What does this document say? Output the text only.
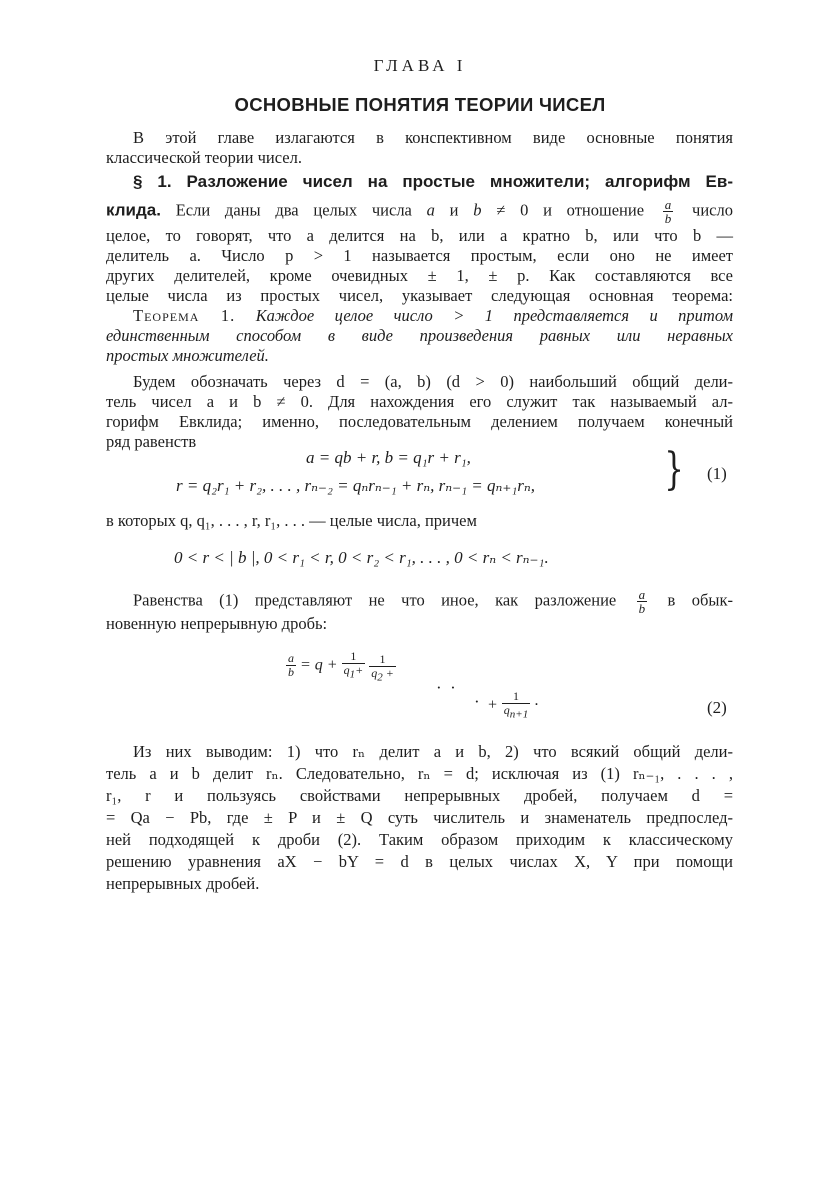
ГЛАВА I
ОСНОВНЫЕ ПОНЯТИЯ ТЕОРИИ ЧИСЕЛ
В этой главе излагаются в конспективном виде основные понятия
классической теории чисел.
§ 1. Разложение чисел на простые множители; алгорифм Ев-
клида. Если даны два целых числа a и b ≠ 0 и отношение $\frac{a}{b}$ число
целое, то говорят, что a делится на b, или a кратно b, или что b —
делитель a. Число p > 1 называется простым, если оно не имеет
других делителей, кроме очевидных ± 1, ± p. Как составляются все
целые числа из простых чисел, указывает следующая основная теорема:
Теорема 1. Каждое целое число > 1 представляется и притом
единственным способом в виде произведения равных или неравных
простых множителей.
Будем обозначать через d = (a, b) (d > 0) наибольший общий дели-
тель чисел a и b ≠ 0. Для нахождения его служит так называемый ал-
горифм Евклида; именно, последовательным делением получаем конечный
ряд равенств
a = qb + r, b = q₁r + r₁,
r = q₂r₁ + r₂, . . . , rₙ₋₂ = qₙrₙ₋₁ + rₙ, rₙ₋₁ = qₙ₊₁rₙ,	} (1)
в которых q, q₁, . . . , r, r₁, . . . — целые числа, причем
0 < r < | b |, 0 < r₁ < r, 0 < r₂ < r₁, . . . , 0 < rₙ < rₙ₋₁.
Равенства (1) представляют не что иное, как разложение $\frac{a}{b}$ в обык-
новенную непрерывную дробь:
$\frac{a}{b} = q + \frac{1}{q_1+}$
$\frac{1}{q_2 +}$
·  ·
· + $\frac{1}{q_{n+1}}$ ·	(2)
Из них выводим: 1) что rₙ делит a и b, 2) что всякий общий дели-
тель a и b делит rₙ. Следовательно, rₙ = d; исключая из (1) rₙ₋₁, . . . ,
r₁, r и пользуясь свойствами непрерывных дробей, получаем d =
= Qa − Pb, где ± P и ± Q суть числитель и знаменатель предпослед-
ней подходящей к дроби (2). Таким образом приходим к классическому
решению уравнения aX − bY = d в целых числах X, Y при помощи
непрерывных дробей.
